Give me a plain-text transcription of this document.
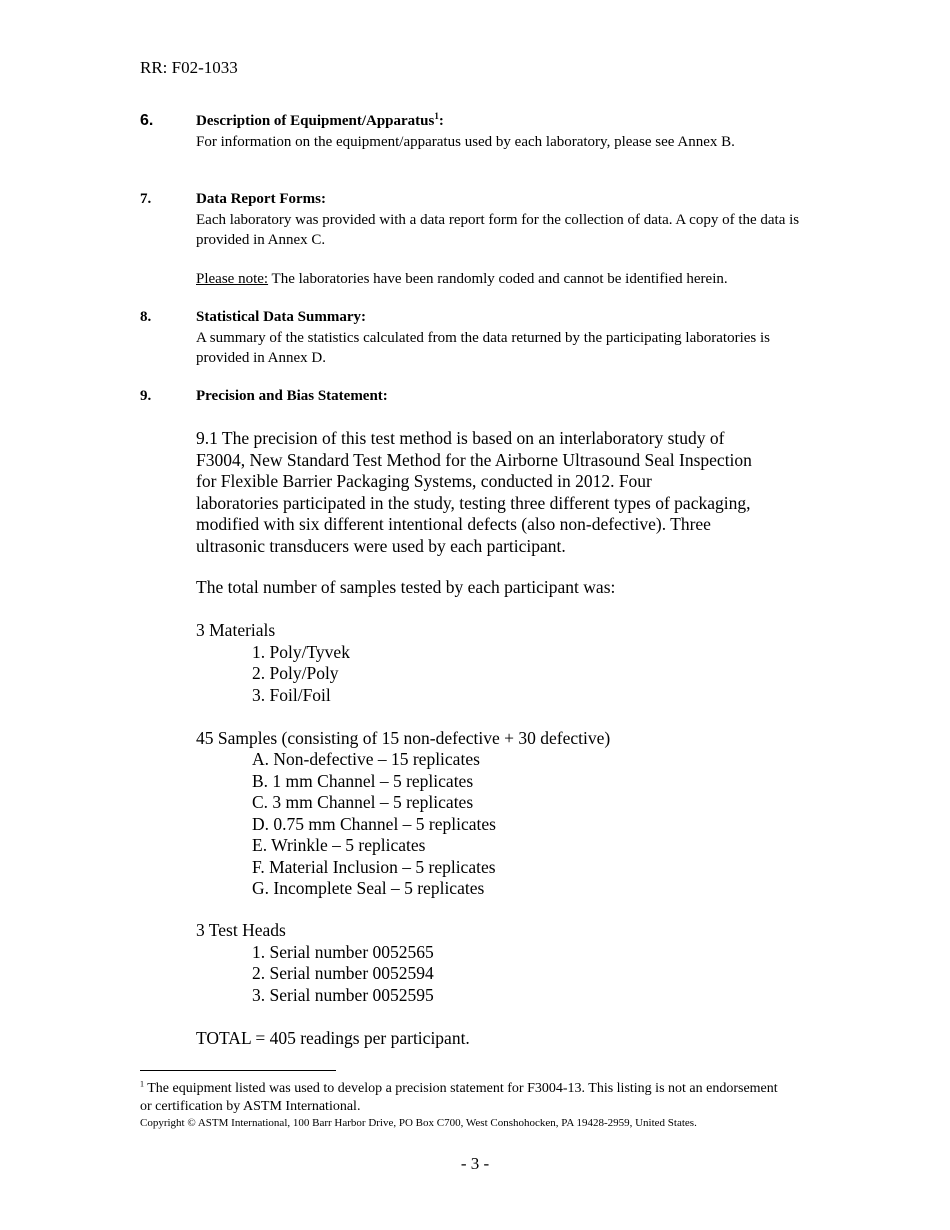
RR: F02-1033
6.	Description of Equipment/Apparatus$^1$:
For information on the equipment/apparatus used by each laboratory, please see Annex B.
7.	Data Report Forms:
Each laboratory was provided with a data report form for the collection of data. A copy of the data is provided in Annex C.
Please note: The laboratories have been randomly coded and cannot be identified herein.
8.	Statistical Data Summary:
A summary of the statistics calculated from the data returned by the participating laboratories is provided in Annex D.
9.	Precision and Bias Statement:
9.1 The precision of this test method is based on an interlaboratory study of
F3004, New Standard Test Method for the Airborne Ultrasound Seal Inspection
for Flexible Barrier Packaging Systems, conducted in 2012. Four
laboratories participated in the study, testing three different types of packaging,
modified with six different intentional defects (also non-defective). Three
ultrasonic transducers were used by each participant.
The total number of samples tested by each participant was:
3 Materials
1. Poly/Tyvek
2. Poly/Poly
3. Foil/Foil
45 Samples (consisting of 15 non-defective + 30 defective)
A. Non-defective – 15 replicates
B. 1 mm Channel – 5 replicates
C. 3 mm Channel – 5 replicates
D. 0.75 mm Channel – 5 replicates
E. Wrinkle – 5 replicates
F. Material Inclusion – 5 replicates
G. Incomplete Seal – 5 replicates
3 Test Heads
1. Serial number 0052565
2. Serial number 0052594
3. Serial number 0052595
TOTAL = 405 readings per participant.
$^1$ The equipment listed was used to develop a precision statement for F3004-13. This listing is not an endorsement or certification by ASTM International.
Copyright © ASTM International, 100 Barr Harbor Drive, PO Box C700, West Conshohocken, PA 19428-2959, United States.
- 3 -
